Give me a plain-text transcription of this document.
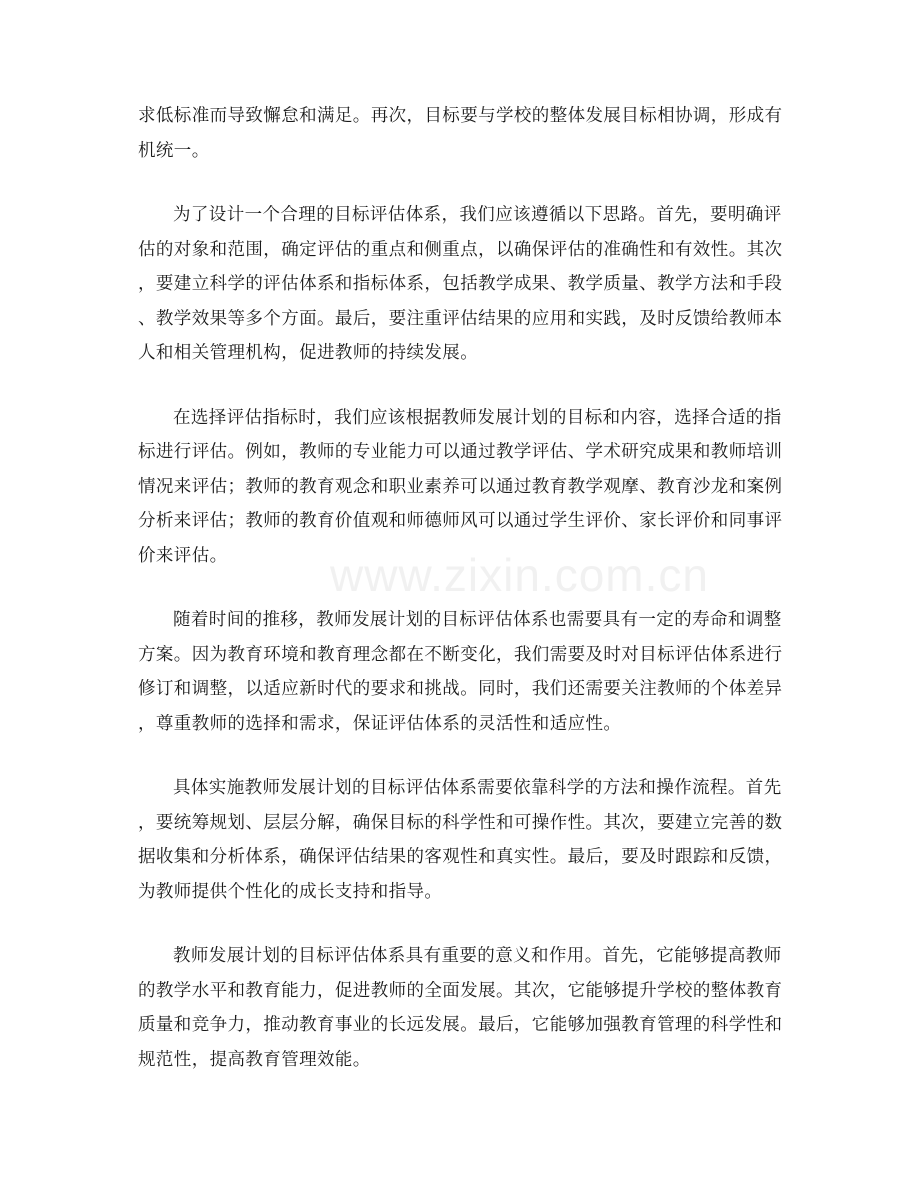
www.zixin.com.cn
求低标准而导致懈怠和满足。再次，目标要与学校的整体发展目标相协调，形成有
机统一。
为了设计一个合理的目标评估体系，我们应该遵循以下思路。首先，要明确评
估的对象和范围，确定评估的重点和侧重点，以确保评估的准确性和有效性。其次
，要建立科学的评估体系和指标体系，包括教学成果、教学质量、教学方法和手段
、教学效果等多个方面。最后，要注重评估结果的应用和实践，及时反馈给教师本
人和相关管理机构，促进教师的持续发展。
在选择评估指标时，我们应该根据教师发展计划的目标和内容，选择合适的指
标进行评估。例如，教师的专业能力可以通过教学评估、学术研究成果和教师培训
情况来评估；教师的教育观念和职业素养可以通过教育教学观摩、教育沙龙和案例
分析来评估；教师的教育价值观和师德师风可以通过学生评价、家长评价和同事评
价来评估。
随着时间的推移，教师发展计划的目标评估体系也需要具有一定的寿命和调整
方案。因为教育环境和教育理念都在不断变化，我们需要及时对目标评估体系进行
修订和调整，以适应新时代的要求和挑战。同时，我们还需要关注教师的个体差异
，尊重教师的选择和需求，保证评估体系的灵活性和适应性。
具体实施教师发展计划的目标评估体系需要依靠科学的方法和操作流程。首先
，要统筹规划、层层分解，确保目标的科学性和可操作性。其次，要建立完善的数
据收集和分析体系，确保评估结果的客观性和真实性。最后，要及时跟踪和反馈，
为教师提供个性化的成长支持和指导。
教师发展计划的目标评估体系具有重要的意义和作用。首先，它能够提高教师
的教学水平和教育能力，促进教师的全面发展。其次，它能够提升学校的整体教育
质量和竞争力，推动教育事业的长远发展。最后，它能够加强教育管理的科学性和
规范性，提高教育管理效能。
